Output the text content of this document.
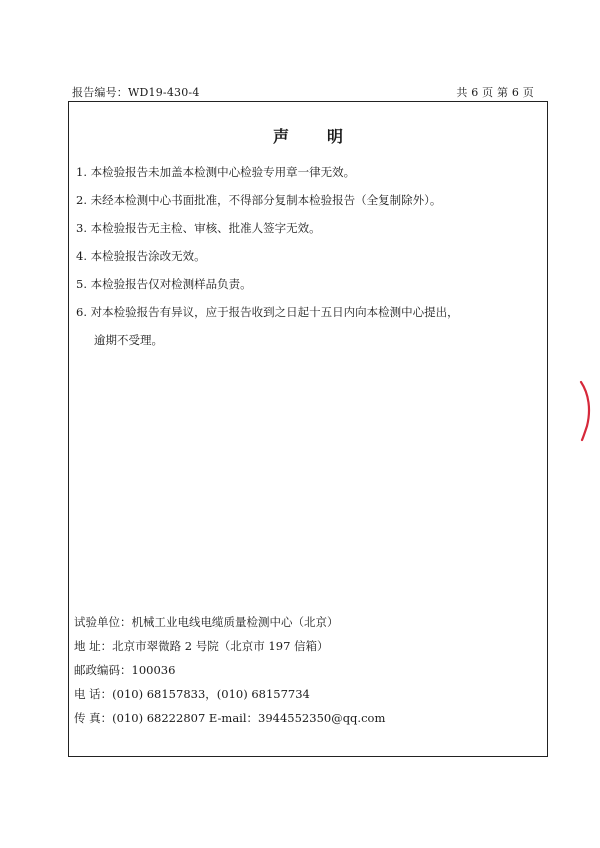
报告编号：WD19-430-4	共 6 页 第 6 页
声明
1. 本检验报告未加盖本检测中心检验专用章一律无效。
2. 未经本检测中心书面批准，不得部分复制本检验报告（全复制除外）。
3. 本检验报告无主检、审核、批准人签字无效。
4. 本检验报告涂改无效。
5. 本检验报告仅对检测样品负责。
6. 对本检验报告有异议，应于报告收到之日起十五日内向本检测中心提出，
逾期不受理。
试验单位：机械工业电线电缆质量检测中心（北京）
地 址：北京市翠微路 2 号院（北京市 197 信箱）
邮政编码：100036
电 话：(010) 68157833，(010) 68157734
传 真：(010) 68222807 E-mail：3944552350@qq.com
